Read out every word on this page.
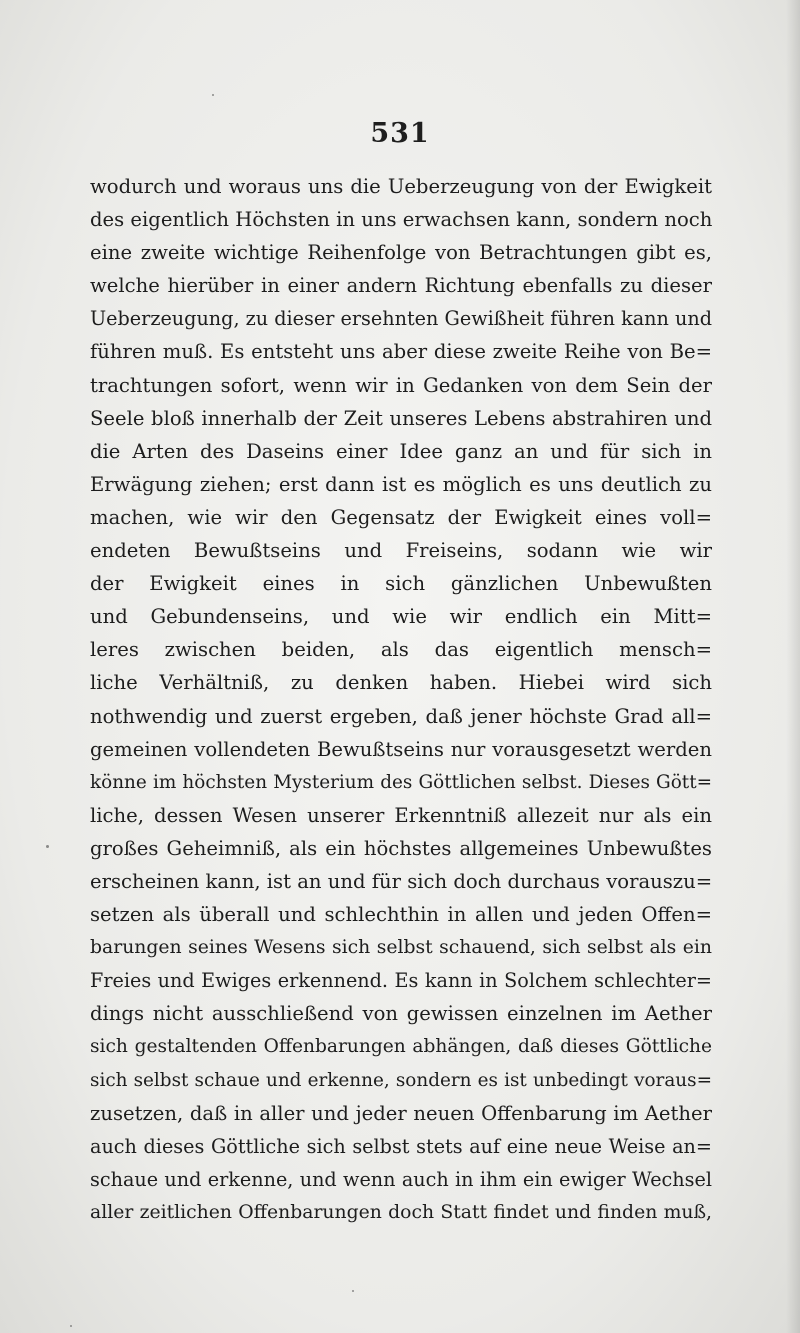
531
wodurch und woraus uns die Ueberzeugung von der Ewigkeit
des eigentlich Höchsten in uns erwachsen kann, sondern noch
eine zweite wichtige Reihenfolge von Betrachtungen gibt es,
welche hierüber in einer andern Richtung ebenfalls zu dieser
Ueberzeugung, zu dieser ersehnten Gewißheit führen kann und
führen muß. Es entsteht uns aber diese zweite Reihe von Be=
trachtungen sofort, wenn wir in Gedanken von dem Sein der
Seele bloß innerhalb der Zeit unseres Lebens abstrahiren und
die Arten des Daseins einer Idee ganz an und für sich in
Erwägung ziehen; erst dann ist es möglich es uns deutlich zu
machen, wie wir den Gegensatz der Ewigkeit eines voll=
endeten Bewußtseins und Freiseins, sodann wie wir
der Ewigkeit eines in sich gänzlichen Unbewußten
und Gebundenseins, und wie wir endlich ein Mitt=
leres zwischen beiden, als das eigentlich mensch=
liche Verhältniß, zu denken haben. Hiebei wird sich
nothwendig und zuerst ergeben, daß jener höchste Grad all=
gemeinen vollendeten Bewußtseins nur vorausgesetzt werden
könne im höchsten Mysterium des Göttlichen selbst. Dieses Gött=
liche, dessen Wesen unserer Erkenntniß allezeit nur als ein
großes Geheimniß, als ein höchstes allgemeines Unbewußtes
erscheinen kann, ist an und für sich doch durchaus vorauszu=
setzen als überall und schlechthin in allen und jeden Offen=
barungen seines Wesens sich selbst schauend, sich selbst als ein
Freies und Ewiges erkennend. Es kann in Solchem schlechter=
dings nicht ausschließend von gewissen einzelnen im Aether
sich gestaltenden Offenbarungen abhängen, daß dieses Göttliche
sich selbst schaue und erkenne, sondern es ist unbedingt voraus=
zusetzen, daß in aller und jeder neuen Offenbarung im Aether
auch dieses Göttliche sich selbst stets auf eine neue Weise an=
schaue und erkenne, und wenn auch in ihm ein ewiger Wechsel
aller zeitlichen Offenbarungen doch Statt findet und finden muß,
